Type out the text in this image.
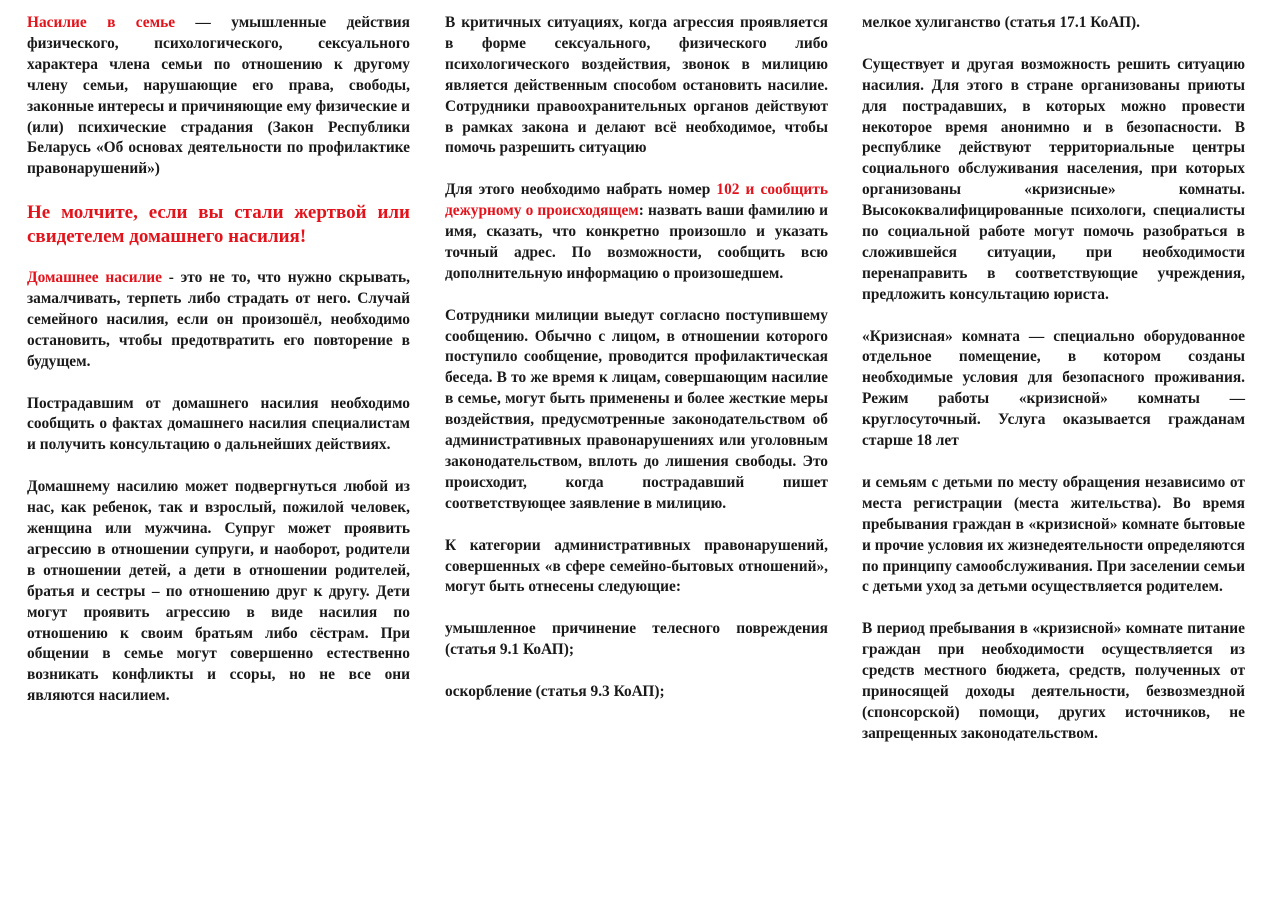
Насилие в семье — умышленные действия физического, психологического, сексуального характера члена семьи по отношению к другому члену семьи, нарушающие его права, свободы, законные интересы и причиняющие ему физические и (или) психические страдания (Закон Республики Беларусь «Об основах деятельности по профилактике правонарушений»)

Не молчите, если вы стали жертвой или свидетелем домашнего насилия!

Домашнее насилие - это не то, что нужно скрывать, замалчивать, терпеть либо страдать от него. Случай семейного насилия, если он произошёл, необходимо остановить, чтобы предотвратить его повторение в будущем.

Пострадавшим от домашнего насилия необходимо сообщить о фактах домашнего насилия специалистам и получить консультацию о дальнейших действиях.

Домашнему насилию может подвергнуться любой из нас, как ребенок, так и взрослый, пожилой человек, женщина или мужчина. Супруг может проявить агрессию в отношении супруги, и наоборот, родители в отношении детей, а дети в отношении родителей, братья и сестры – по отношению друг к другу. Дети могут проявить агрессию в виде насилия по отношению к своим братьям либо сёстрам. При общении в семье могут совершенно естественно возникать конфликты и ссоры, но не все они являются насилием.

В критичных ситуациях, когда агрессия проявляется в форме сексуального, физического либо психологического воздействия, звонок в милицию является действенным способом остановить насилие. Сотрудники правоохранительных органов действуют в рамках закона и делают всё необходимое, чтобы помочь разрешить ситуацию

Для этого необходимо набрать номер 102 и сообщить дежурному о происходящем: назвать ваши фамилию и имя, сказать, что конкретно произошло и указать точный адрес. По возможности, сообщить всю дополнительную информацию о произошедшем.

Сотрудники милиции выедут согласно поступившему сообщению. Обычно с лицом, в отношении которого поступило сообщение, проводится профилактическая беседа. В то же время к лицам, совершающим насилие в семье, могут быть применены и более жесткие меры воздействия, предусмотренные законодательством об административных правонарушениях или уголовным законодательством, вплоть до лишения свободы. Это происходит, когда пострадавший пишет соответствующее заявление в милицию.

К категории административных правонарушений, совершенных «в сфере семейно-бытовых отношений», могут быть отнесены следующие:

умышленное причинение телесного повреждения (статья 9.1 КоАП);

оскорбление (статья 9.3 КоАП);

мелкое хулиганство (статья 17.1 КоАП).

Существует и другая возможность решить ситуацию насилия. Для этого в стране организованы приюты для пострадавших, в которых можно провести некоторое время анонимно и в безопасности. В республике действуют территориальные центры социального обслуживания населения, при которых организованы «кризисные» комнаты. Высококвалифицированные психологи, специалисты по социальной работе могут помочь разобраться в сложившейся ситуации, при необходимости перенаправить в соответствующие учреждения, предложить консультацию юриста.

«Кризисная» комната — специально оборудованное отдельное помещение, в котором созданы необходимые условия для безопасного проживания. Режим работы «кризисной» комнаты — круглосуточный. Услуга оказывается гражданам старше 18 лет

и семьям с детьми по месту обращения независимо от места регистрации (места жительства). Во время пребывания граждан в «кризисной» комнате бытовые и прочие условия их жизнедеятельности определяются по принципу самообслуживания. При заселении семьи с детьми уход за детьми осуществляется родителем.

В период пребывания в «кризисной» комнате питание граждан при необходимости осуществляется из средств местного бюджета, средств, полученных от приносящей доходы деятельности, безвозмездной (спонсорской) помощи, других источников, не запрещенных законодательством.
